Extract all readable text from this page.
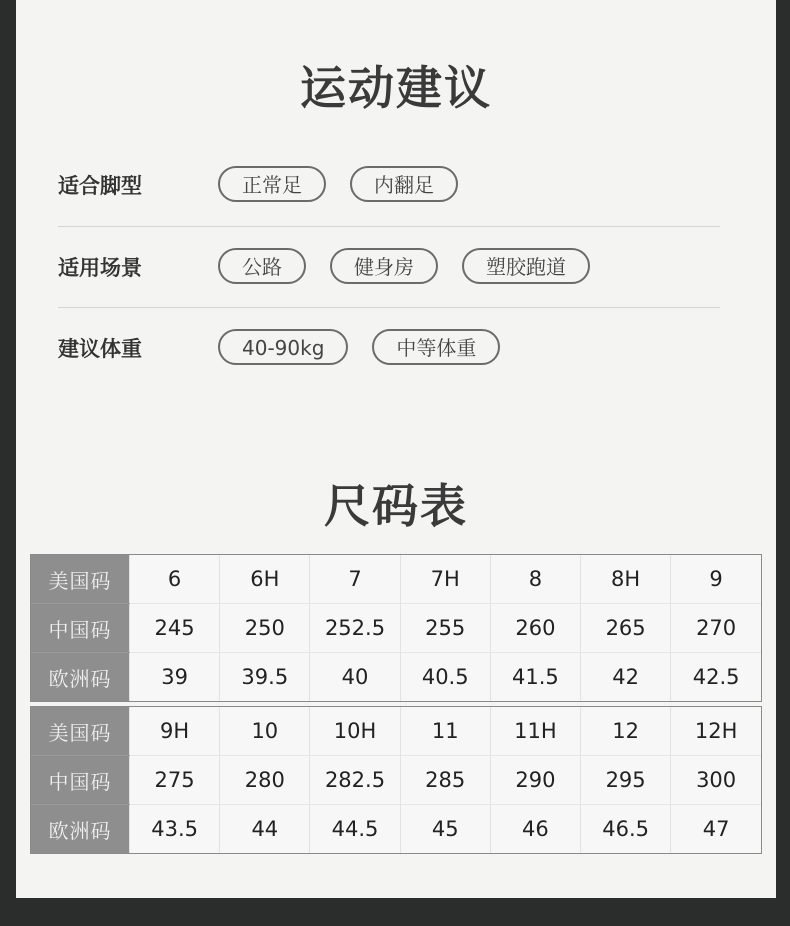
运动建议
适合脚型	正常足	内翻足
适用场景	公路	健身房	塑胶跑道
建议体重	40-90kg	中等体重
尺码表
美国码	6	6H	7	7H	8	8H	9
中国码	245	250	252.5	255	260	265	270
欧洲码	39	39.5	40	40.5	41.5	42	42.5
美国码	9H	10	10H	11	11H	12	12H
中国码	275	280	282.5	285	290	295	300
欧洲码	43.5	44	44.5	45	46	46.5	47
